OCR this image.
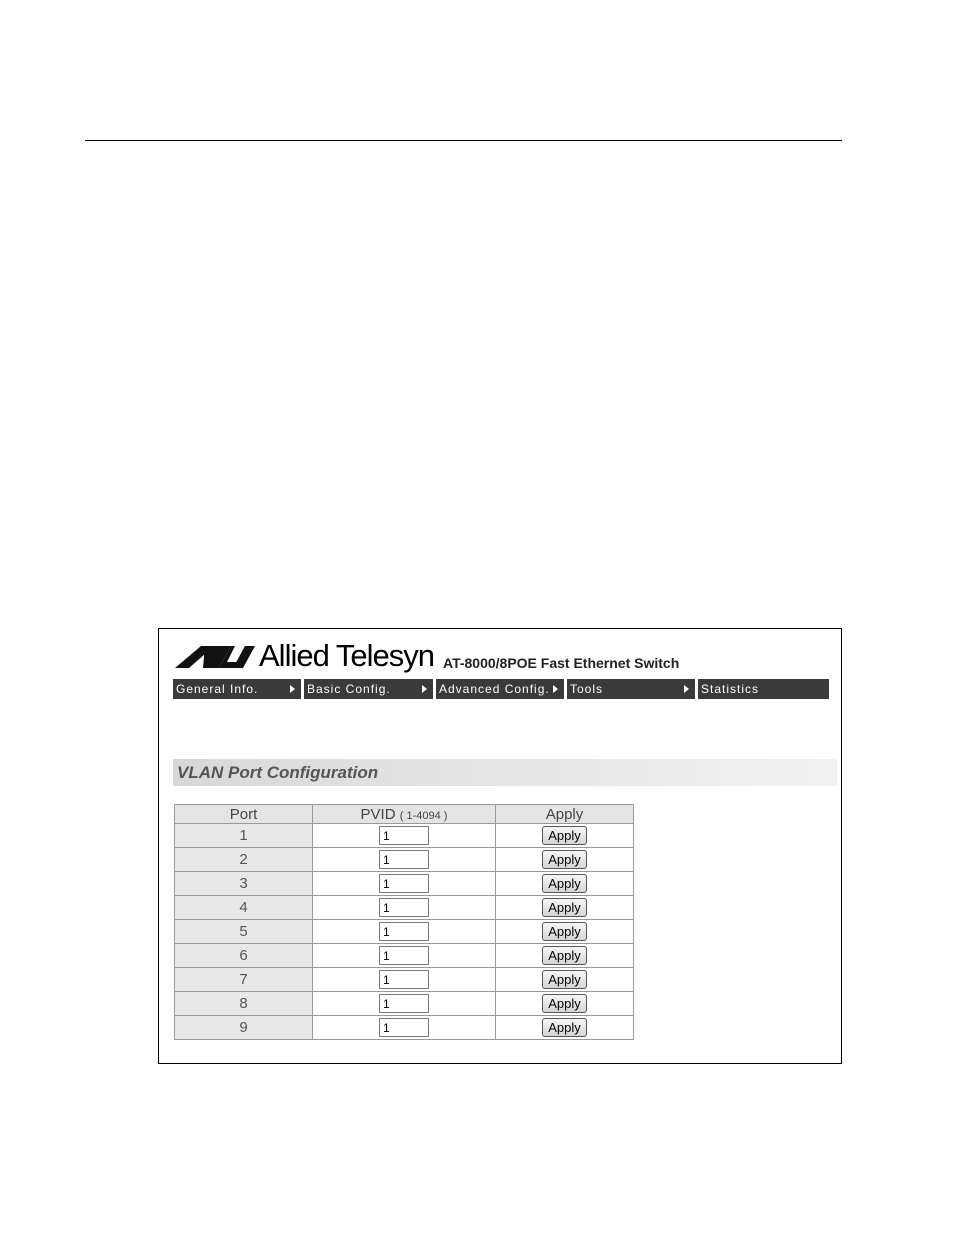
Allied Telesyn AT-8000/8POE Fast Ethernet Switch
General Info.	Basic Config.	Advanced Config.	Tools	Statistics
VLAN Port Configuration
Port	PVID ( 1-4094 )	Apply
1	1	Apply
2	1	Apply
3	1	Apply
4	1	Apply
5	1	Apply
6	1	Apply
7	1	Apply
8	1	Apply
9	1	Apply
